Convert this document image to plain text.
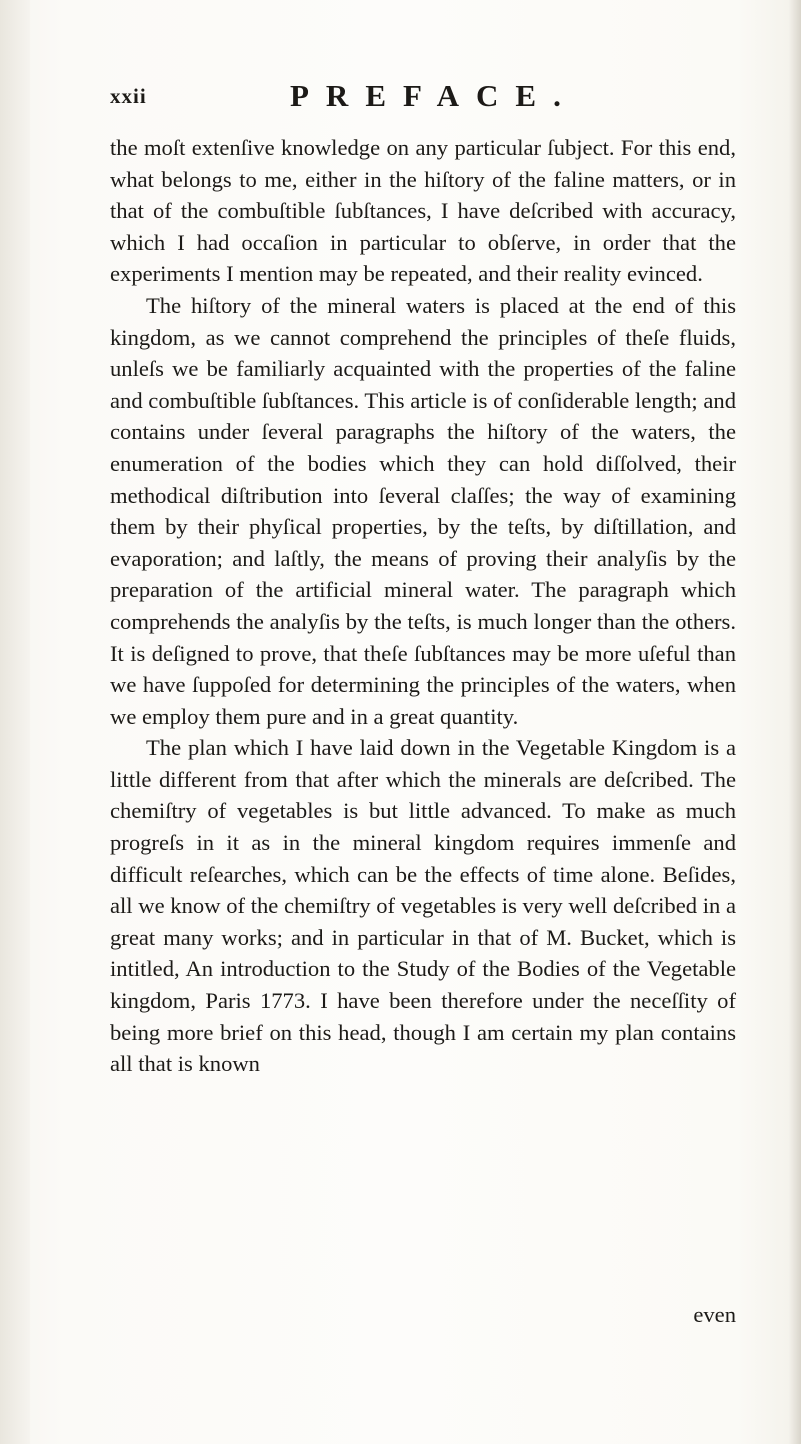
xxii	PREFACE.

the moſt extenſive knowledge on any particular ſubject. For this end, what belongs to me, either in the hiſtory of the faline matters, or in that of the combuſtible ſubſtances, I have deſcribed with accuracy, which I had occaſion in particular to obſerve, in order that the experiments I mention may be repeated, and their reality evinced.

The hiſtory of the mineral waters is placed at the end of this kingdom, as we cannot comprehend the principles of theſe fluids, unleſs we be familiarly acquainted with the properties of the faline and combuſtible ſubſtances. This article is of conſiderable length; and contains under ſeveral paragraphs the hiſtory of the waters, the enumeration of the bodies which they can hold diſſolved, their methodical diſtribution into ſeveral claſſes; the way of examining them by their phyſical properties, by the teſts, by diſtillation, and evaporation; and laſtly, the means of proving their analyſis by the preparation of the artificial mineral water. The paragraph which comprehends the analyſis by the teſts, is much longer than the others. It is deſigned to prove, that theſe ſubſtances may be more uſeful than we have ſuppoſed for determining the principles of the waters, when we employ them pure and in a great quantity.

The plan which I have laid down in the Vegetable Kingdom is a little different from that after which the minerals are deſcribed. The chemiſtry of vegetables is but little advanced. To make as much progreſs in it as in the mineral kingdom requires immenſe and difficult reſearches, which can be the effects of time alone. Beſides, all we know of the chemiſtry of vegetables is very well deſcribed in a great many works; and in particular in that of M. Bucket, which is intitled, An introduction to the Study of the Bodies of the Vegetable kingdom, Paris 1773. I have been therefore under the neceſſity of being more brief on this head, though I am certain my plan contains all that is known

even
